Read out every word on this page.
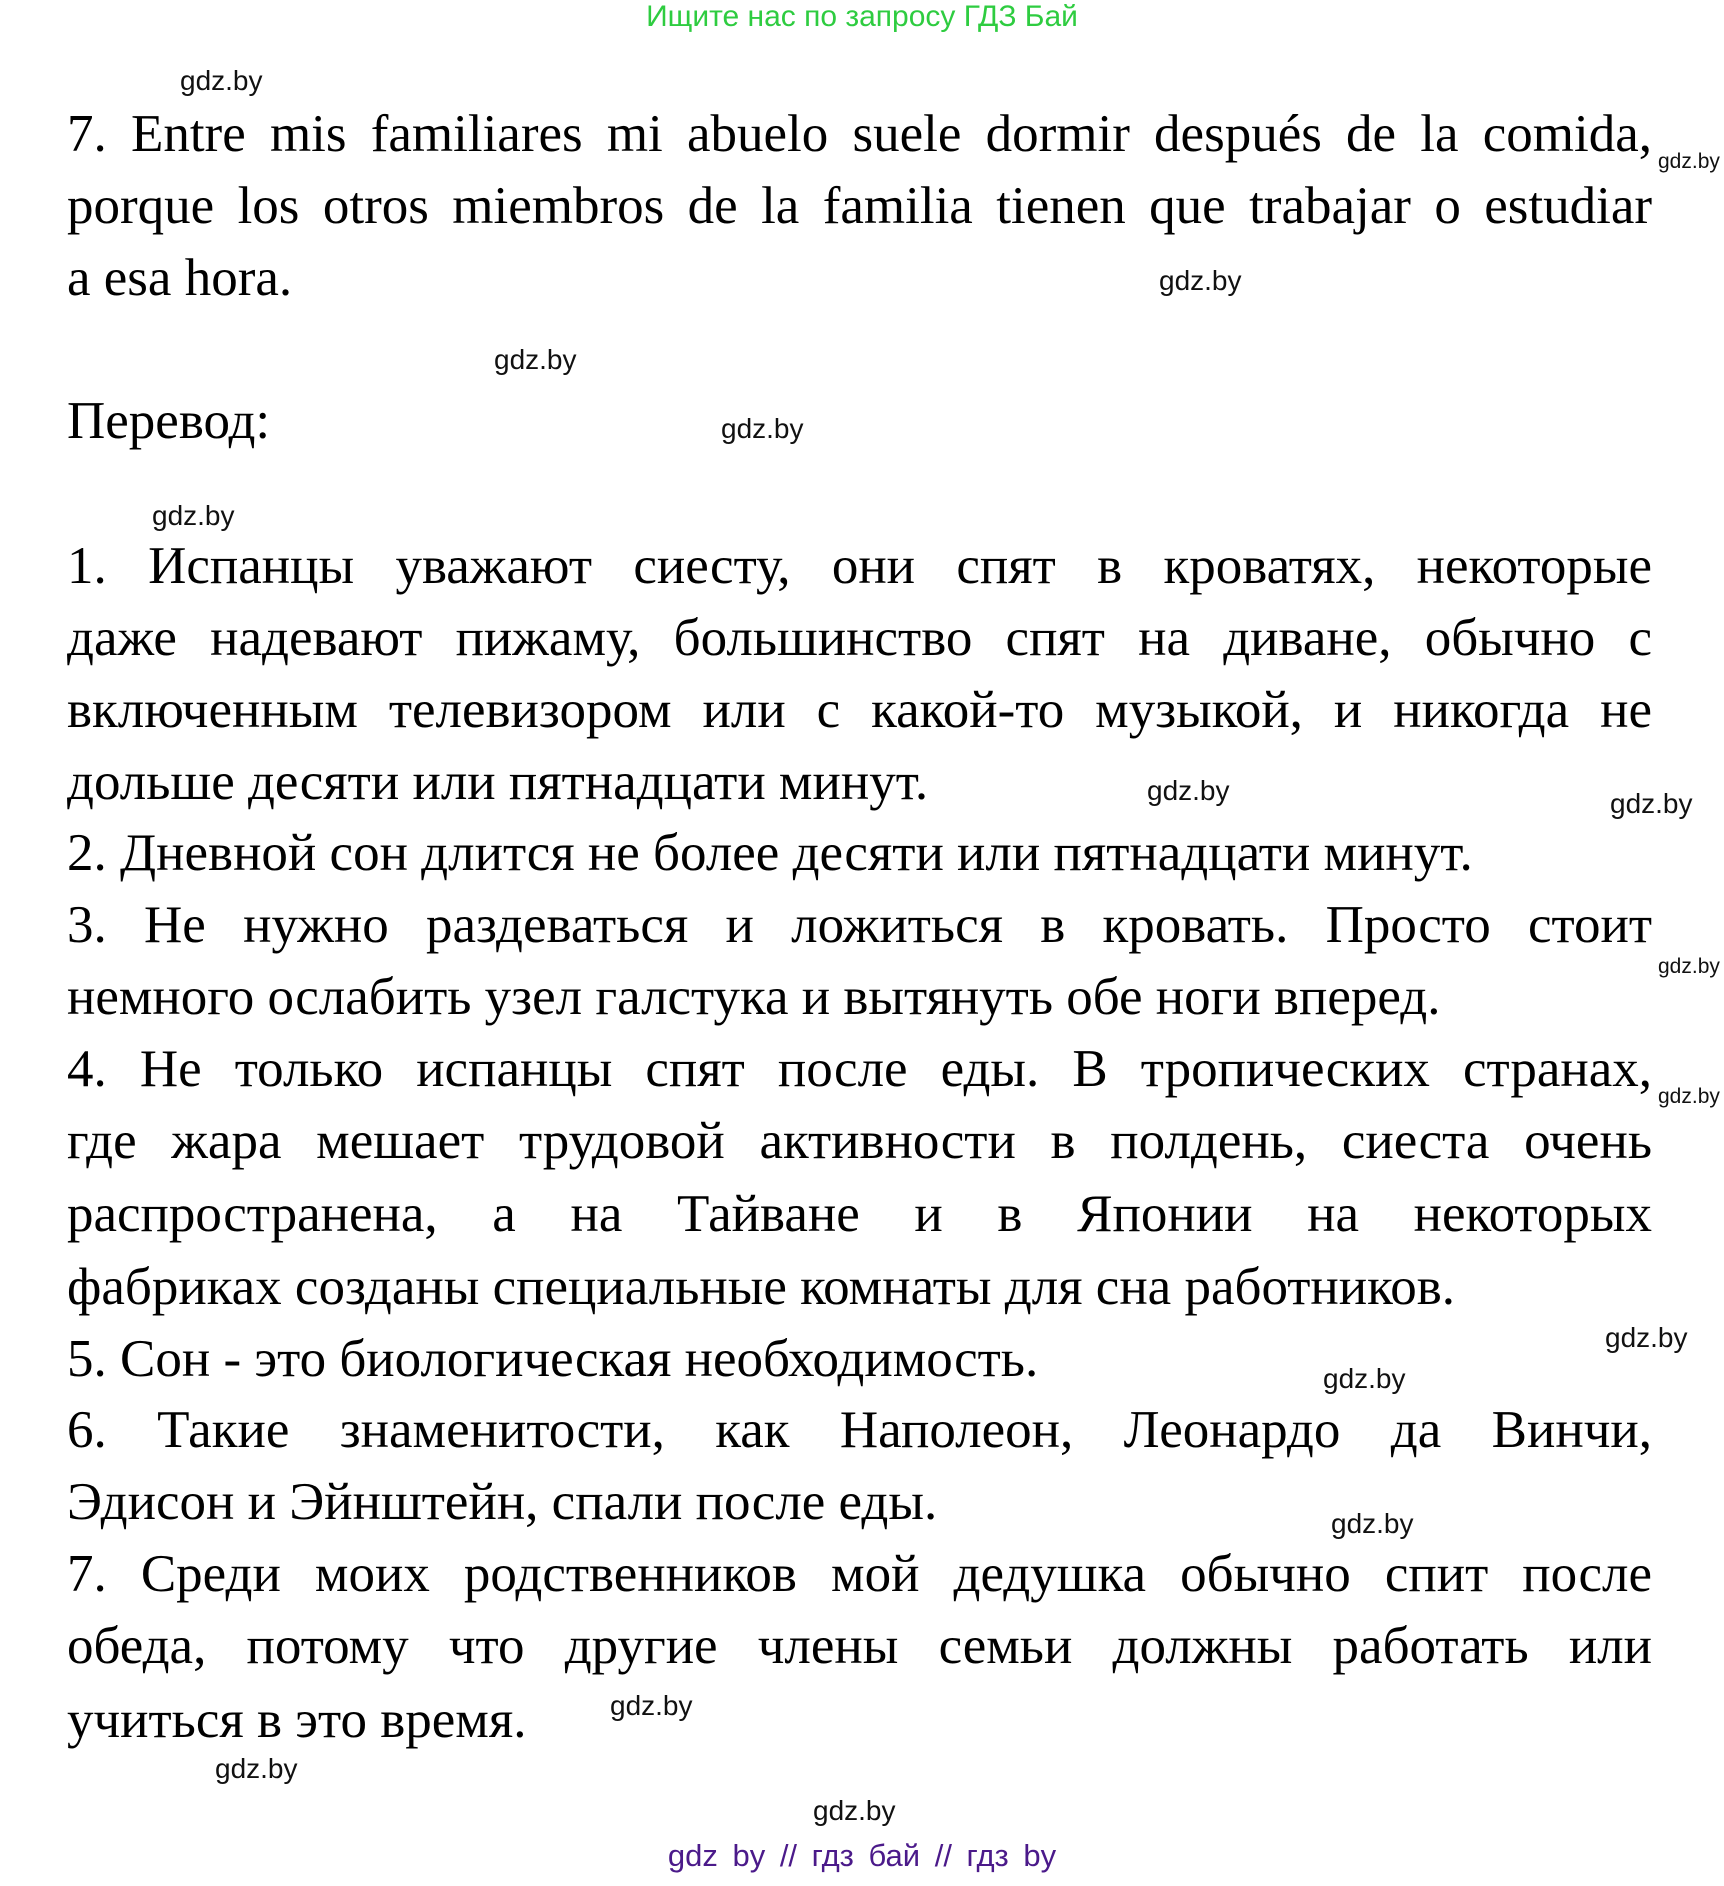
Ищите нас по запросу ГДЗ Бай
7. Entre mis familiares mi abuelo suele dormir después de la comida,
porque los otros miembros de la familia tienen que trabajar o estudiar
a esa hora.
Перевод:
1. Испанцы уважают сиесту, они спят в кроватях, некоторые
даже надевают пижаму, большинство спят на диване, обычно с
включенным телевизором или с какой-то музыкой, и никогда не
дольше десяти или пятнадцати минут.
2. Дневной сон длится не более десяти или пятнадцати минут.
3. Не нужно раздеваться и ложиться в кровать. Просто стоит
немного ослабить узел галстука и вытянуть обе ноги вперед.
4. Не только испанцы спят после еды. В тропических странах,
где жара мешает трудовой активности в полдень, сиеста очень
распространена, а на Тайване и в Японии на некоторых
фабриках созданы специальные комнаты для сна работников.
5. Сон - это биологическая необходимость.
6. Такие знаменитости, как Наполеон, Леонардо да Винчи,
Эдисон и Эйнштейн, спали после еды.
7. Среди моих родственников мой дедушка обычно спит после
обеда, потому что другие члены семьи должны работать или
учиться в это время.
gdz.by
gdz.by
gdz.by
gdz.by
gdz.by
gdz.by
gdz.by	gdz.by
gdz.by
gdz.by
gdz.by
gdz.by
gdz.by
gdz.by
gdz.by
gdz.by
gdz by // гдз бай // гдз by
